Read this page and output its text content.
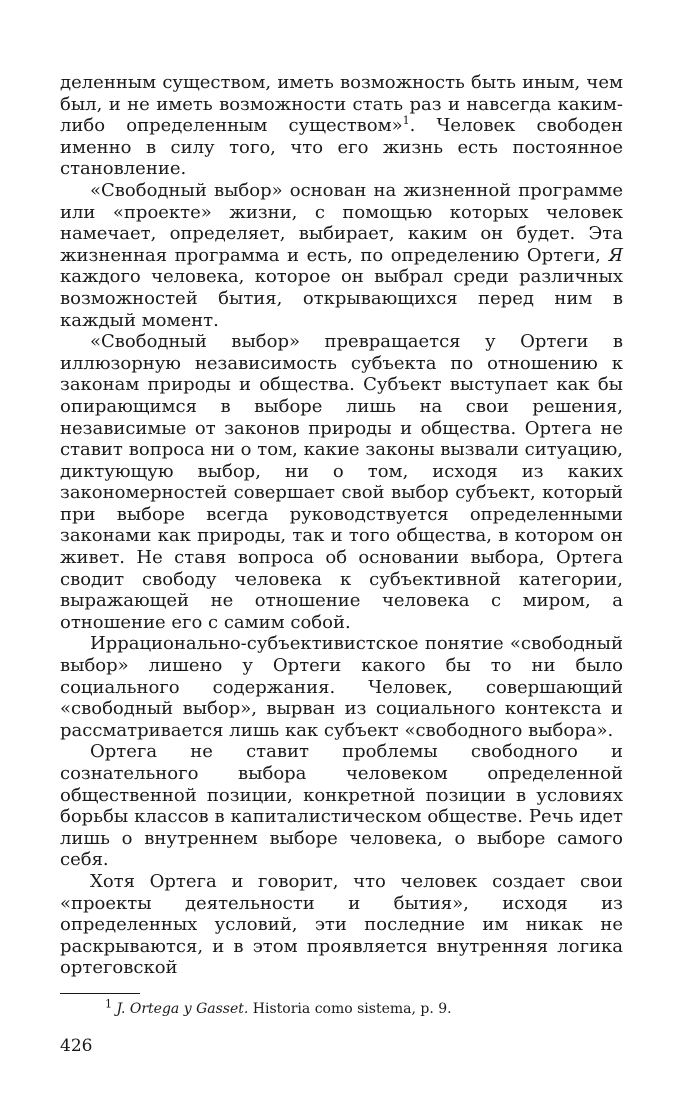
деленным существом, иметь возможность быть иным, чем был, и не иметь возможности стать раз и навсегда каким-либо определенным существом»$^1$. Человек свободен именно в силу того, что его жизнь есть постоянное становление.

«Свободный выбор» основан на жизненной программе или «проекте» жизни, с помощью которых человек намечает, определяет, выбирает, каким он будет. Эта жизненная программа и есть, по определению Ортеги, Я каждого человека, которое он выбрал среди различных возможностей бытия, открывающихся перед ним в каждый момент.

«Свободный выбор» превращается у Ортеги в иллюзорную независимость субъекта по отношению к законам природы и общества. Субъект выступает как бы опирающимся в выборе лишь на свои решения, независимые от законов природы и общества. Ортега не ставит вопроса ни о том, какие законы вызвали ситуацию, диктующую выбор, ни о том, исходя из каких закономерностей совершает свой выбор субъект, который при выборе всегда руководствуется определенными законами как природы, так и того общества, в котором он живет. Не ставя вопроса об основании выбора, Ортега сводит свободу человека к субъективной категории, выражающей не отношение человека с миром, а отношение его с самим собой.

Иррационально-субъективистское понятие «свободный выбор» лишено у Ортеги какого бы то ни было социального содержания. Человек, совершающий «свободный выбор», вырван из социального контекста и рассматривается лишь как субъект «свободного выбора».

Ортега не ставит проблемы свободного и сознательного выбора человеком определенной общественной позиции, конкретной позиции в условиях борьбы классов в капиталистическом обществе. Речь идет лишь о внутреннем выборе человека, о выборе самого себя.

Хотя Ортега и говорит, что человек создает свои «проекты деятельности и бытия», исходя из определенных условий, эти последние им никак не раскрываются, и в этом проявляется внутренняя логика ортеговской

$^1$ J. Ortega y Gasset. Historia como sistema, p. 9.

426
